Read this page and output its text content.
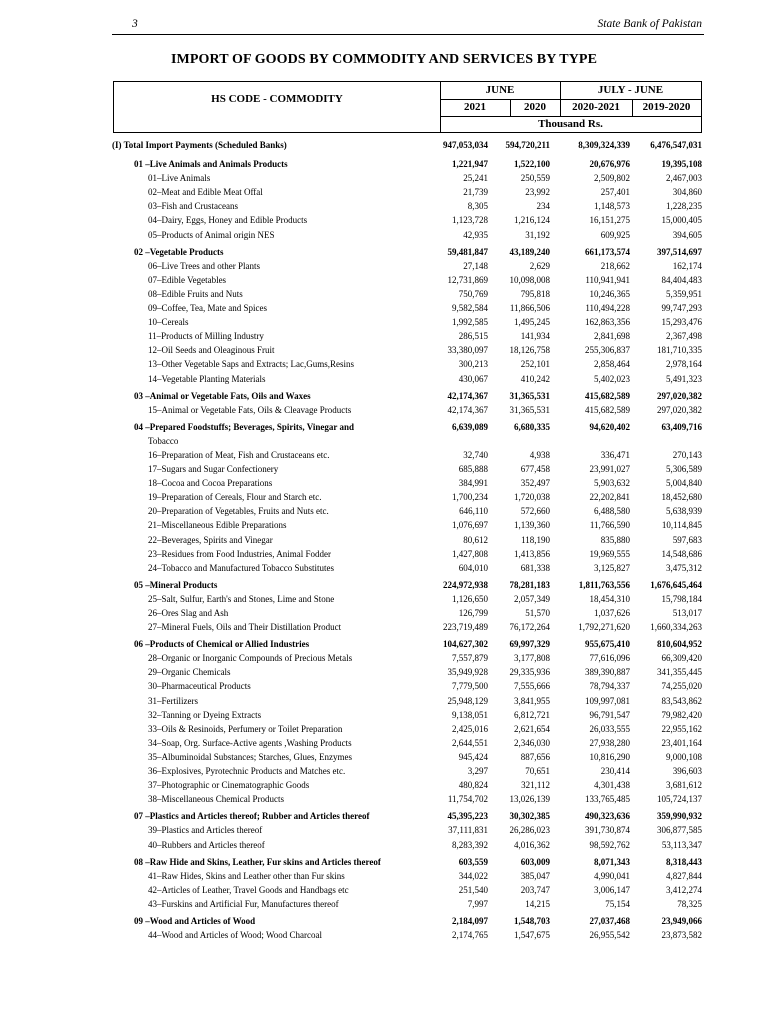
3	State Bank of Pakistan
IMPORT OF GOODS BY COMMODITY AND SERVICES BY TYPE
HS CODE - COMMODITY
JUNE	JULY - JUNE
2021	2020	2020-2021	2019-2020
Thousand Rs.
(I) Total Import Payments (Scheduled Banks)	947,053,034 594,720,211	8,309,324,339 6,476,547,031
01 –Live Animals and Animals Products	1,221,947	1,522,100	20,676,976	19,395,108
01‒Live Animals	25,241	250,559	2,509,802	2,467,003
02‒Meat and Edible Meat Offal	21,739	23,992	257,401	304,860
03‒Fish and Crustaceans	8,305	234	1,148,573	1,228,235
04‒Dairy, Eggs, Honey and Edible Products	1,123,728	1,216,124	16,151,275	15,000,405
05‒Products of Animal origin NES	42,935	31,192	609,925	394,605
02 –Vegetable Products	59,481,847 43,189,240	661,173,574	397,514,697
06‒Live Trees and other Plants	27,148	2,629	218,662	162,174
07‒Edible Vegetables	12,731,869 10,098,008	110,941,941	84,404,483
08‒Edible Fruits and Nuts	750,769	795,818	10,246,365	5,359,951
09‒Coffee, Tea, Mate and Spices	9,582,584 11,866,506	110,494,228	99,747,293
10‒Cereals	1,992,585	1,495,245	162,863,356	15,293,476
11‒Products of Milling Industry	286,515	141,934	2,841,698	2,367,498
12‒Oil Seeds and Oleaginous Fruit	33,380,097 18,126,758	255,306,837	181,710,335
13‒Other Vegetable Saps and Extracts; Lac,Gums,Resins	300,213	252,101	2,858,464	2,978,164
14‒Vegetable Planting Materials	430,067	410,242	5,402,023	5,491,323
03 –Animal or Vegetable Fats, Oils and Waxes	42,174,367 31,365,531	415,682,589	297,020,382
15‒Animal or Vegetable Fats, Oils & Cleavage Products	42,174,367 31,365,531	415,682,589	297,020,382
04 –Prepared Foodstuffs; Beverages, Spirits, Vinegar and	6,639,089	6,680,335	94,620,402	63,409,716
Tobacco
16‒Preparation of Meat, Fish and Crustaceans etc.	32,740	4,938	336,471	270,143
17‒Sugars and Sugar Confectionery	685,888	677,458	23,991,027	5,306,589
18‒Cocoa and Cocoa Preparations	384,991	352,497	5,903,632	5,004,840
19‒Preparation of Cereals, Flour and Starch etc.	1,700,234	1,720,038	22,202,841	18,452,680
20‒Preparation of Vegetables, Fruits and Nuts etc.	646,110	572,660	6,488,580	5,638,939
21‒Miscellaneous Edible Preparations	1,076,697	1,139,360	11,766,590	10,114,845
22‒Beverages, Spirits and Vinegar	80,612	118,190	835,880	597,683
23‒Residues from Food Industries, Animal Fodder	1,427,808	1,413,856	19,969,555	14,548,686
24‒Tobacco and Manufactured Tobacco Substitutes	604,010	681,338	3,125,827	3,475,312
05 –Mineral Products	224,972,938 78,281,183	1,811,763,556 1,676,645,464
25‒Salt, Sulfur, Earth's and Stones, Lime and Stone	1,126,650	2,057,349	18,454,310	15,798,184
26‒Ores Slag and Ash	126,799	51,570	1,037,626	513,017
27‒Mineral Fuels, Oils and Their Distillation Product	223,719,489 76,172,264	1,792,271,620 1,660,334,263
06 –Products of Chemical or Allied Industries	104,627,302 69,997,329	955,675,410	810,604,952
28‒Organic or Inorganic Compounds of Precious Metals	7,557,879	3,177,808	77,616,096	66,309,420
29‒Organic Chemicals	35,949,928 29,335,936	389,390,887	341,355,445
30‒Pharmaceutical Products	7,779,500	7,555,666	78,794,337	74,255,020
31‒Fertilizers	25,948,129	3,841,955	109,997,081	83,543,862
32‒Tanning or Dyeing Extracts	9,138,051	6,812,721	96,791,547	79,982,420
33‒Oils & Resinoids, Perfumery or Toilet Preparation	2,425,016	2,621,654	26,033,555	22,955,162
34‒Soap, Org. Surface-Active agents ,Washing Products	2,644,551	2,346,030	27,938,280	23,401,164
35‒Albuminoidal Substances; Starches, Glues, Enzymes	945,424	887,656	10,816,290	9,000,108
36‒Explosives, Pyrotechnic Products and Matches etc.	3,297	70,651	230,414	396,603
37‒Photographic or Cinematographic Goods	480,824	321,112	4,301,438	3,681,612
38‒Miscellaneous Chemical Products	11,754,702 13,026,139	133,765,485	105,724,137
07 –Plastics and Articles thereof; Rubber and Articles thereof	45,395,223 30,302,385	490,323,636	359,990,932
39‒Plastics and Articles thereof	37,111,831 26,286,023	391,730,874	306,877,585
40‒Rubbers and Articles thereof	8,283,392	4,016,362	98,592,762	53,113,347
08 –Raw Hide and Skins, Leather, Fur skins and Articles thereof	603,559	603,009	8,071,343	8,318,443
41‒Raw Hides, Skins and Leather other than Fur skins	344,022	385,047	4,990,041	4,827,844
42‒Articles of Leather, Travel Goods and Handbags etc	251,540	203,747	3,006,147	3,412,274
43‒Furskins and Artificial Fur, Manufactures thereof	7,997	14,215	75,154	78,325
09 –Wood and Articles of Wood	2,184,097	1,548,703	27,037,468	23,949,066
44‒Wood and Articles of Wood; Wood Charcoal	2,174,765	1,547,675	26,955,542	23,873,582
